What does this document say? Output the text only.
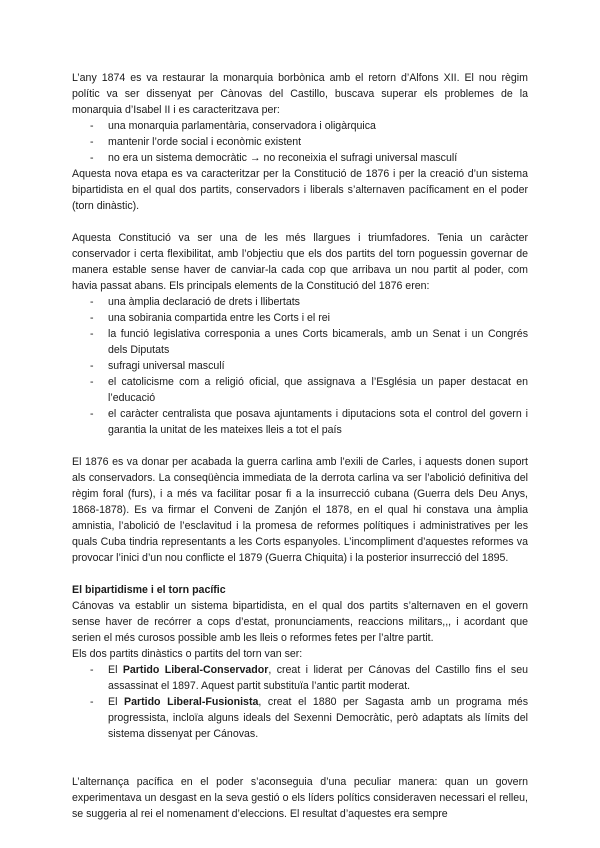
L’any 1874 es va restaurar la monarquia borbònica amb el retorn d’Alfons XII. El nou règim polític va ser dissenyat per Cànovas del Castillo, buscava superar els problemes de la monarquia d’Isabel II i es caracteritzava per:

- una monarquia parlamentària, conservadora i oligàrquica
- mantenir l’orde social i econòmic existent
- no era un sistema democràtic → no reconeixia el sufragi universal masculí

Aquesta nova etapa es va caracteritzar per la Constitució de 1876 i per la creació d’un sistema bipartidista en el qual dos partits, conservadors i liberals s’alternaven pacíficament en el poder (torn dinàstic).

Aquesta Constitució va ser una de les més llargues i triumfadores. Tenia un caràcter conservador i certa flexibilitat, amb l’objectiu que els dos partits del torn poguessin governar de manera estable sense haver de canviar-la cada cop que arribava un nou partit al poder, com havia passat abans. Els principals elements de la Constitució del 1876 eren:

- una àmplia declaració de drets i llibertats
- una sobirania compartida entre les Corts i el rei
- la funció legislativa corresponia a unes Corts bicamerals, amb un Senat i un Congrés dels Diputats
- sufragi universal masculí
- el catolicisme com a religió oficial, que assignava a l’Església un paper destacat en l’educació
- el caràcter centralista que posava ajuntaments i diputacions sota el control del govern i garantia la unitat de les mateixes lleis a tot el país

El 1876 es va donar per acabada la guerra carlina amb l’exili de Carles, i aquests donen suport als conservadors. La conseqüència immediata de la derrota carlina va ser l’abolició definitiva del règim foral (furs), i a més va facilitar posar fi a la insurrecció cubana (Guerra dels Deu Anys, 1868-1878). Es va firmar el Conveni de Zanjón el 1878, en el qual hi constava una àmplia amnistia, l’abolició de l’esclavitud i la promesa de reformes polítiques i administratives per les quals Cuba tindria representants a les Corts espanyoles. L’incompliment d’aquestes reformes va provocar l’inici d’un nou conflicte el 1879 (Guerra Chiquita) i la posterior insurrecció del 1895.

El bipartidisme i el torn pacífic

Cánovas va establir un sistema bipartidista, en el qual dos partits s’alternaven en el govern sense haver de recórrer a cops d’estat, pronunciaments, reaccions militars,,, i acordant que serien el més curosos possible amb les lleis o reformes fetes per l’altre partit.

Els dos partits dinàstics o partits del torn van ser:

- El Partido Liberal-Conservador, creat i liderat per Cánovas del Castillo fins el seu assassinat el 1897. Aquest partit substituïa l’antic partit moderat.
- El Partido Liberal-Fusionista, creat el 1880 per Sagasta amb un programa més progressista, incloïa alguns ideals del Sexenni Democràtic, però adaptats als límits del sistema dissenyat per Cánovas.

L’alternança pacífica en el poder s’aconseguia d’una peculiar manera: quan un govern experimentava un desgast en la seva gestió o els líders polítics consideraven necessari el relleu, se suggeria al rei el nomenament d’eleccions. El resultat d’aquestes era sempre
